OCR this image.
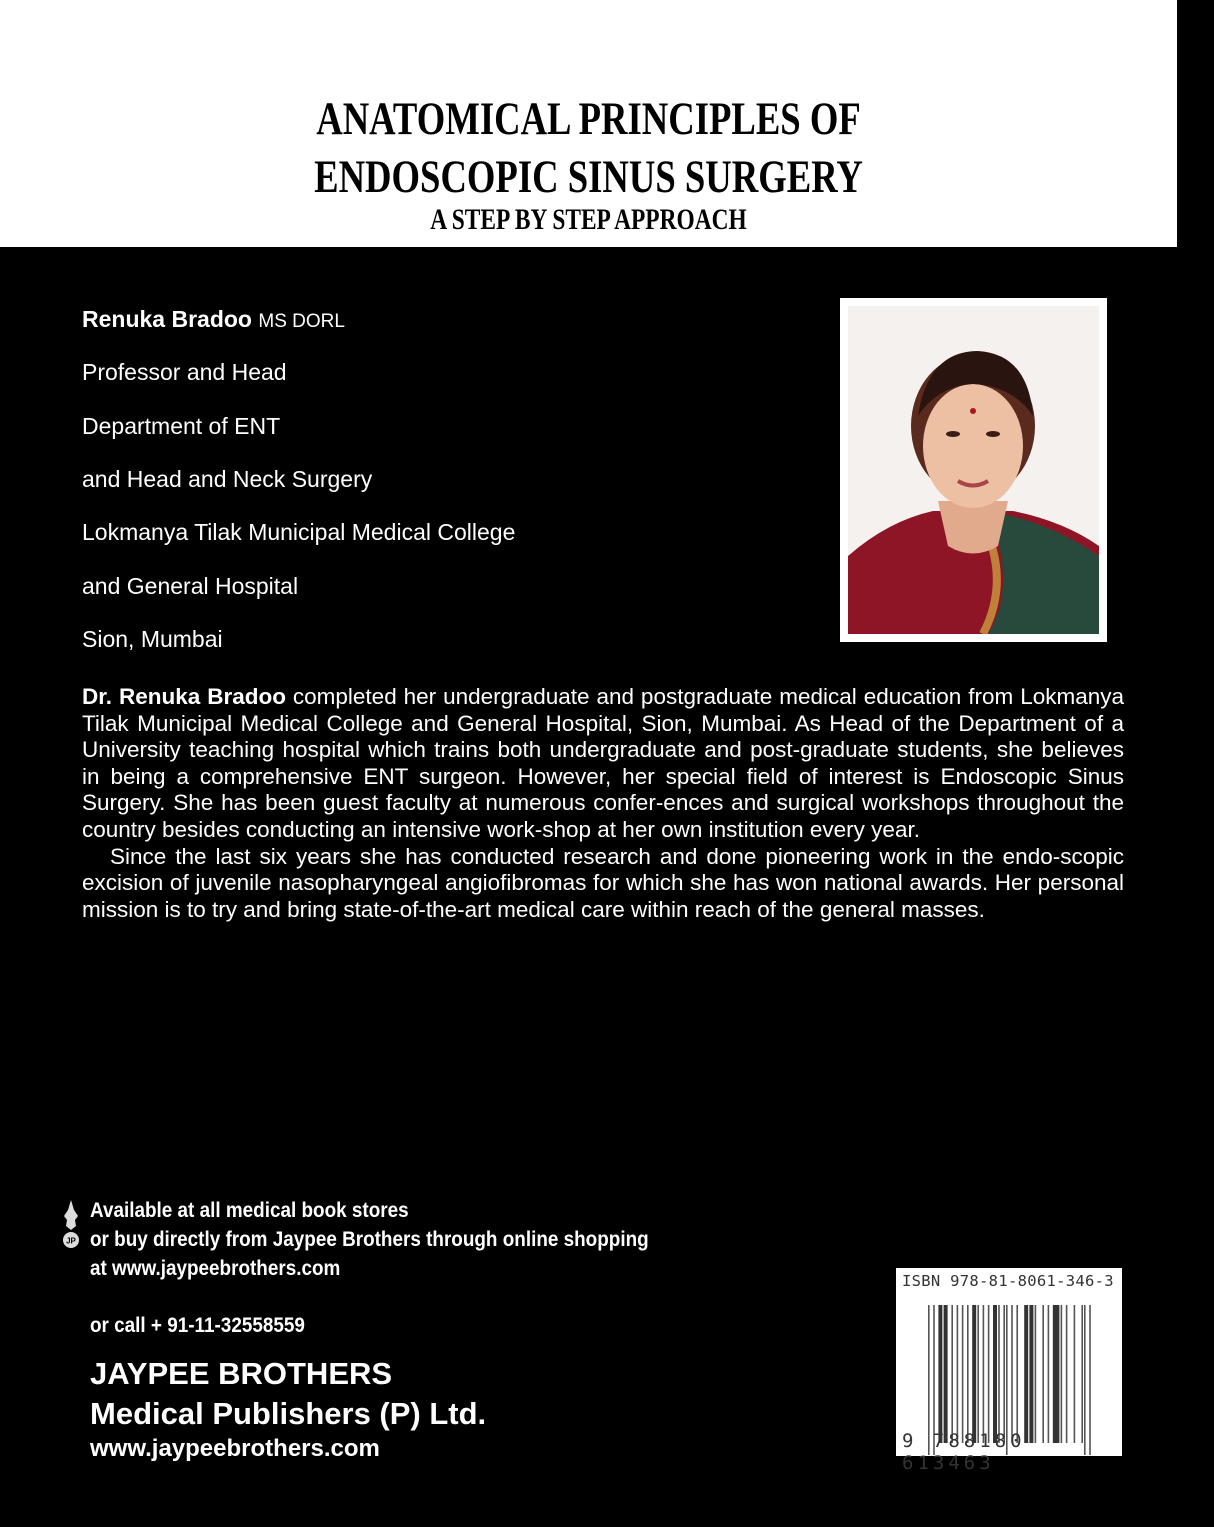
ANATOMICAL PRINCIPLES OF
ENDOSCOPIC SINUS SURGERY
A STEP BY STEP APPROACH
Renuka Bradoo MS DORL
Professor and Head
Department of ENT
and Head and Neck Surgery
Lokmanya Tilak Municipal Medical College
and General Hospital
Sion, Mumbai

Dr. Renuka Bradoo completed her undergraduate and postgraduate medical education from Lokmanya Tilak Municipal Medical College and General Hospital, Sion, Mumbai. As Head of the Department of a University teaching hospital which trains both undergraduate and post-graduate students, she believes in being a comprehensive ENT surgeon. However, her special field of interest is Endoscopic Sinus Surgery. She has been guest faculty at numerous confer-ences and surgical workshops throughout the country besides conducting an intensive work-shop at her own institution every year.

Since the last six years she has conducted research and done pioneering work in the endo-scopic excision of juvenile nasopharyngeal angiofibromas for which she has won national awards. Her personal mission is to try and bring state-of-the-art medical care within reach of the general masses.

JP
Available at all medical book stores
or buy directly from Jaypee Brothers through online shopping
at www.jaypeebrothers.com
or call + 91-11-32558559
JAYPEE BROTHERS
Medical Publishers (P) Ltd.
www.jaypeebrothers.com
ISBN 978-81-8061-346-3
9 788180 613463
